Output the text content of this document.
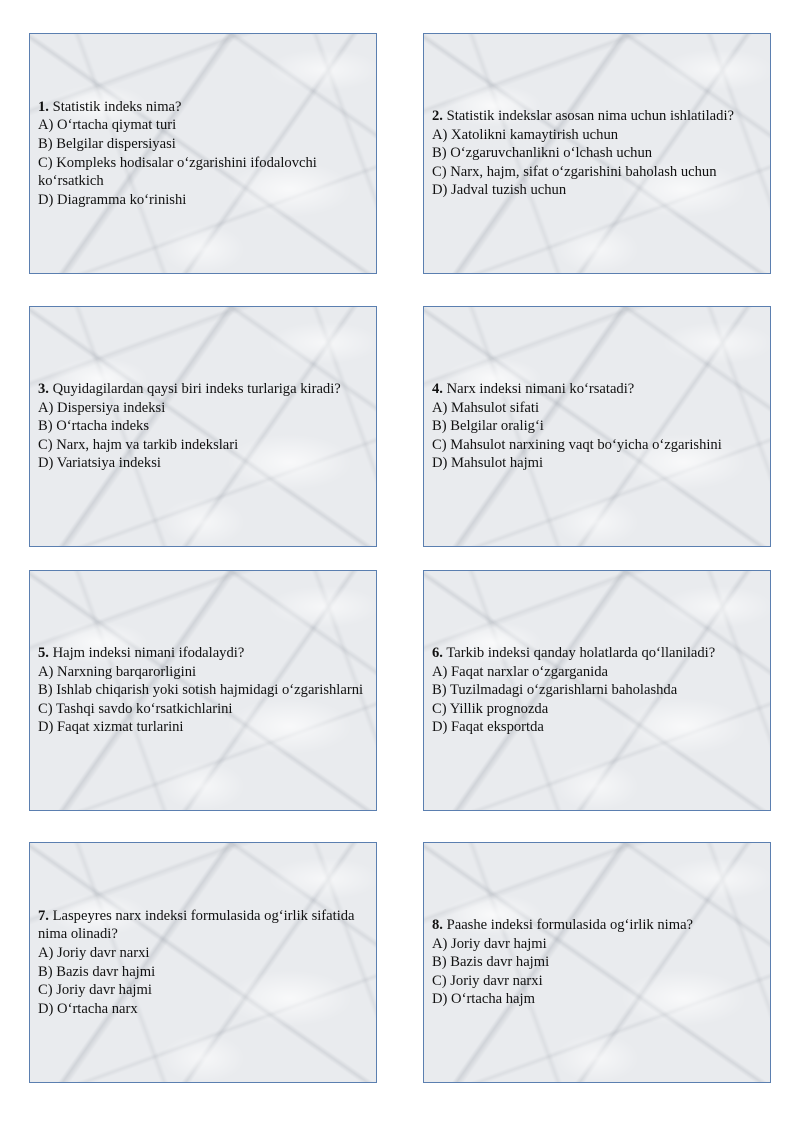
1. Statistik indeks nima?

A) O‘rtacha qiymat turi

B) Belgilar dispersiyasi

C) Kompleks hodisalar o‘zgarishini ifodalovchi ko‘rsatkich

D) Diagramma ko‘rinishi

2. Statistik indekslar asosan nima uchun ishlatiladi?

A) Xatolikni kamaytirish uchun

B) O‘zgaruvchanlikni o‘lchash uchun

C) Narx, hajm, sifat o‘zgarishini baholash uchun

D) Jadval tuzish uchun

3. Quyidagilardan qaysi biri indeks turlariga kiradi?

A) Dispersiya indeksi

B) O‘rtacha indeks

C) Narx, hajm va tarkib indekslari

D) Variatsiya indeksi

4. Narx indeksi nimani ko‘rsatadi?

A) Mahsulot sifati

B) Belgilar oralig‘i

C) Mahsulot narxining vaqt bo‘yicha o‘zgarishini

D) Mahsulot hajmi

5. Hajm indeksi nimani ifodalaydi?

A) Narxning barqarorligini

B) Ishlab chiqarish yoki sotish hajmidagi o‘zgarishlarni

C) Tashqi savdo ko‘rsatkichlarini

D) Faqat xizmat turlarini

6. Tarkib indeksi qanday holatlarda qo‘llaniladi?

A) Faqat narxlar o‘zgarganida

B) Tuzilmadagi o‘zgarishlarni baholashda

C) Yillik prognozda

D) Faqat eksportda

7. Laspeyres narx indeksi formulasida og‘irlik sifatida nima olinadi?

A) Joriy davr narxi

B) Bazis davr hajmi

C) Joriy davr hajmi

D) O‘rtacha narx

8. Paashe indeksi formulasida og‘irlik nima?

A) Joriy davr hajmi

B) Bazis davr hajmi

C) Joriy davr narxi

D) O‘rtacha hajm
